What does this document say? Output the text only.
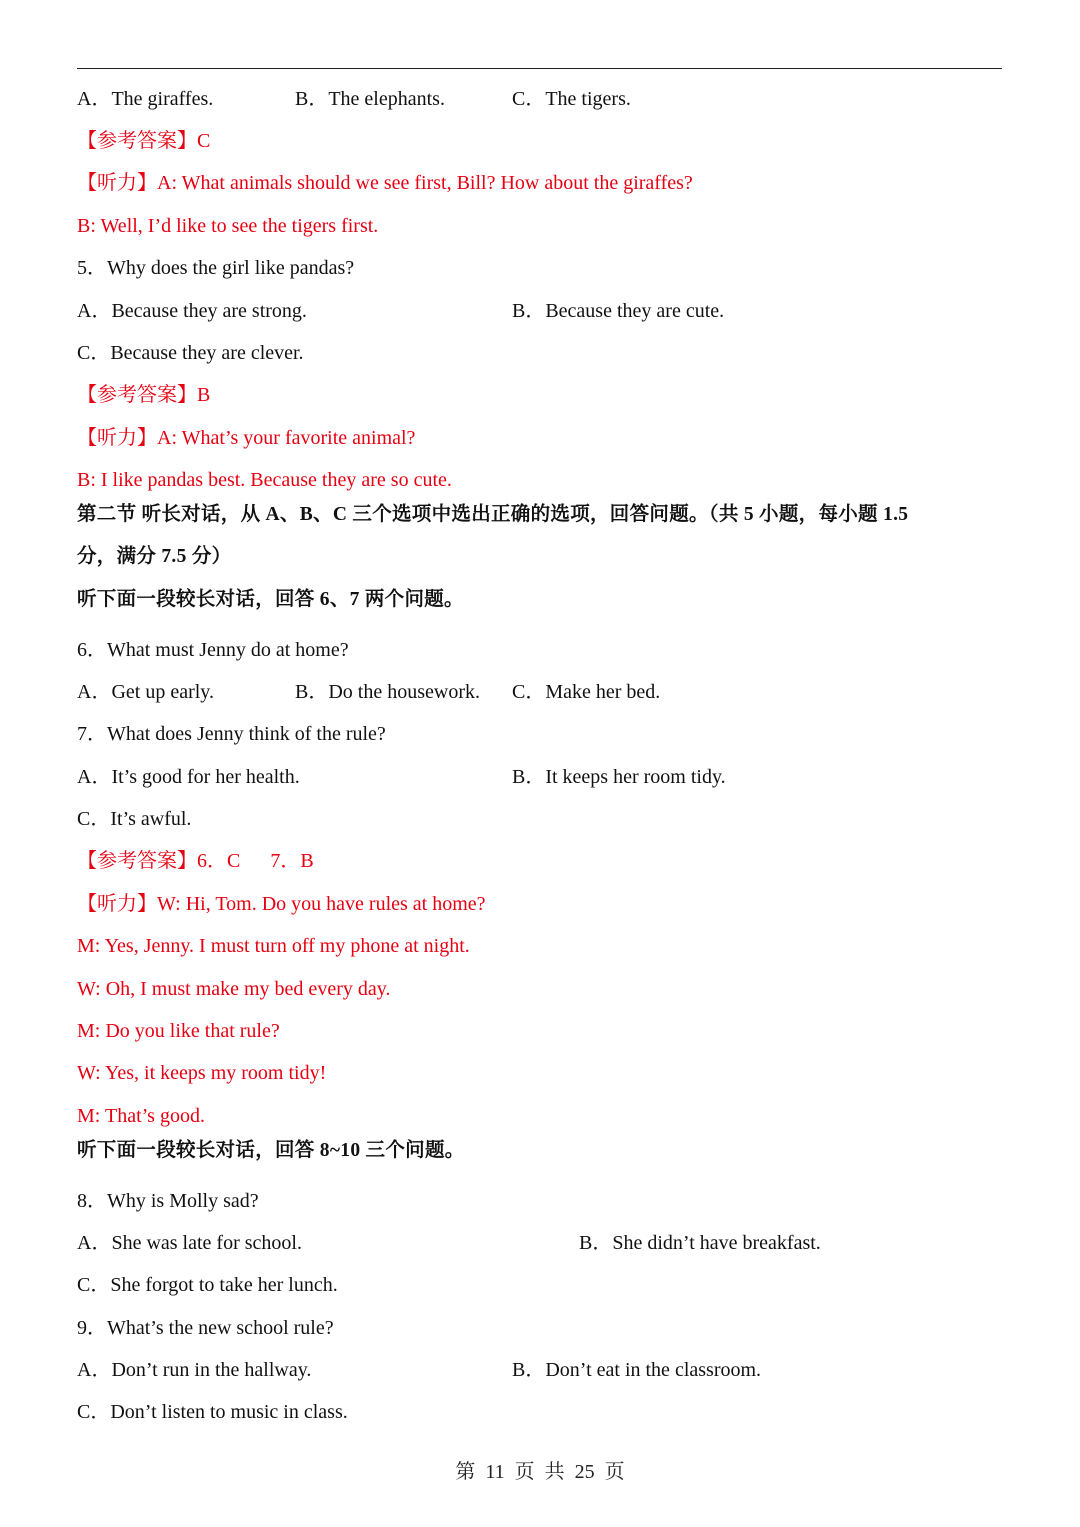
A．The giraffes.	B．The elephants.	C．The tigers.
【参考答案】C
【听力】A: What animals should we see first, Bill? How about the giraffes?
B: Well, I’d like to see the tigers first.
5．Why does the girl like pandas?
A．Because they are strong.	B．Because they are cute.
C．Because they are clever.
【参考答案】B
【听力】A: What’s your favorite animal?
B: I like pandas best. Because they are so cute.
第二节 听长对话，从 A、B、C 三个选项中选出正确的选项，回答问题。（共 5 小题，每小题 1.5
分，满分 7.5 分）
听下面一段较长对话，回答 6、7 两个问题。
6．What must Jenny do at home?
A．Get up early.	B．Do the housework. C．Make her bed.
7．What does Jenny think of the rule?
A．It’s good for her health.	B．It keeps her room tidy.
C．It’s awful.
【参考答案】6．C      7．B
【听力】W: Hi, Tom. Do you have rules at home?
M: Yes, Jenny. I must turn off my phone at night.
W: Oh, I must make my bed every day.
M: Do you like that rule?
W: Yes, it keeps my room tidy!
M: That’s good.
听下面一段较长对话，回答 8~10 三个问题。
8．Why is Molly sad?
A．She was late for school.	B．She didn’t have breakfast.
C．She forgot to take her lunch.
9．What’s the new school rule?
A．Don’t run in the hallway.	B．Don’t eat in the classroom.
C．Don’t listen to music in class.
第  11  页  共  25  页
